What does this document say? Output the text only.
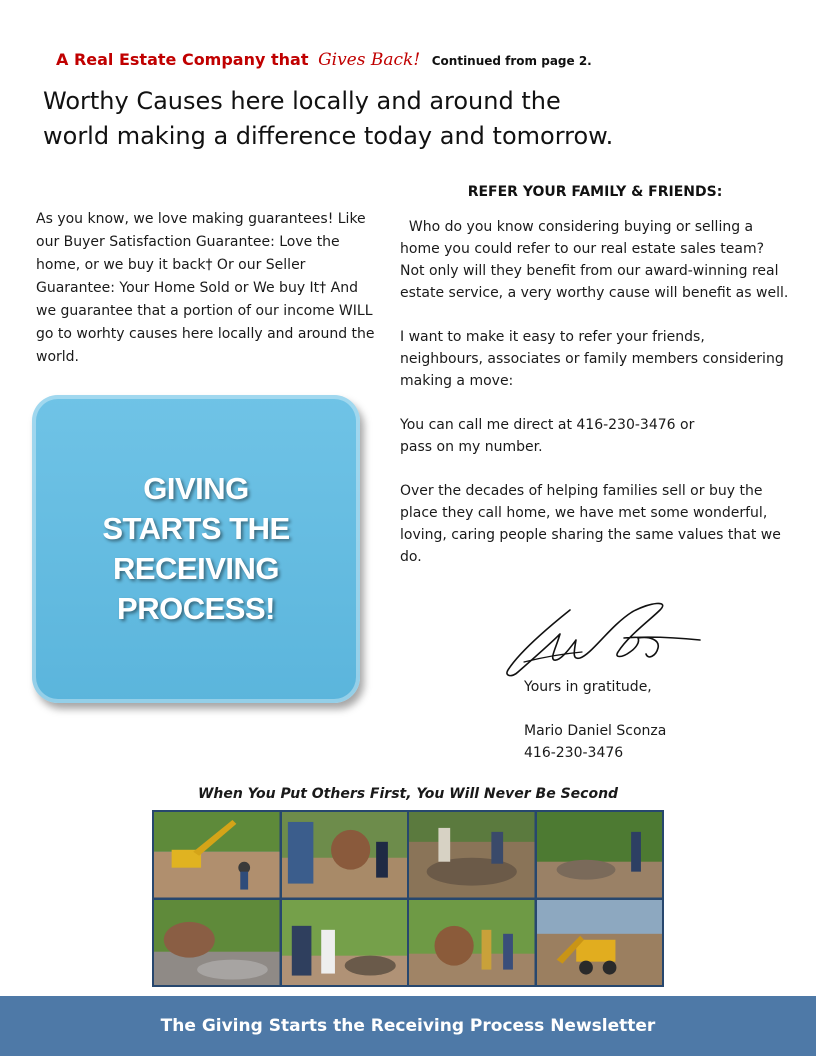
A Real Estate Company that Gives Back! Continued from page 2.
Worthy Causes here locally and around the
world making a difference today and tomorrow.
As you know, we love making guarantees! Like our Buyer Satisfaction Guarantee: Love the home, or we buy it back† Or our Seller Guarantee: Your Home Sold or We buy It† And we guarantee that a portion of our income WILL go to worhty causes here locally and around the world.
GIVING
STARTS THE
RECEIVING
PROCESS!
REFER YOUR FAMILY & FRIENDS:

Who do you know considering buying or selling a home you could refer to our real estate sales team? Not only will they benefit from our award-winning real estate service, a very worthy cause will benefit as well.

I want to make it easy to refer your friends, neighbours, associates or family members considering making a move:

You can call me direct at 416-230-3476 or
pass on my number.

Over the decades of helping families sell or buy the place they call home, we have met some wonderful, loving, caring people sharing the same values that we do.

Yours in gratitude,

Mario Daniel Sconza
416-230-3476
When You Put Others First, You Will Never Be Second
The Giving Starts the Receiving Process Newsletter
